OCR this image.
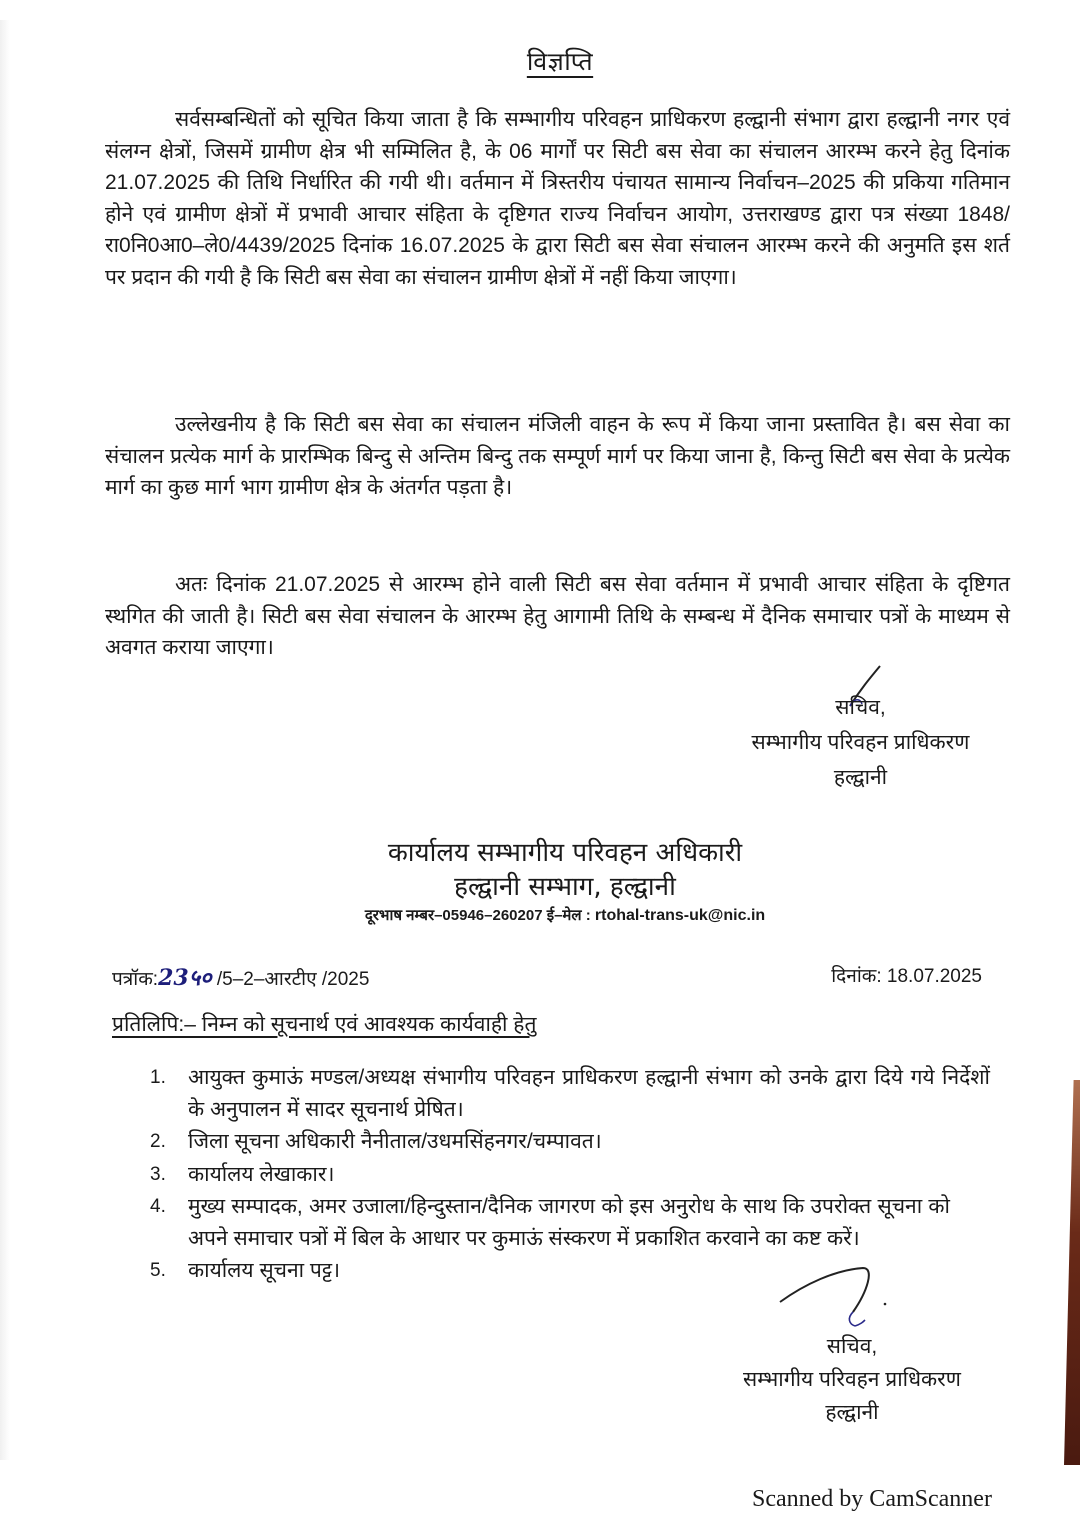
विज्ञप्ति

सर्वसम्बन्धितों को सूचित किया जाता है कि सम्भागीय परिवहन प्राधिकरण हल्द्वानी संभाग द्वारा हल्द्वानी नगर एवं संलग्न क्षेत्रों, जिसमें ग्रामीण क्षेत्र भी सम्मिलित है, के 06 मार्गों पर सिटी बस सेवा का संचालन आरम्भ करने हेतु दिनांक 21.07.2025 की तिथि निर्धारित की गयी थी। वर्तमान में त्रिस्तरीय पंचायत सामान्य निर्वाचन–2025 की प्रकिया गतिमान होने एवं ग्रामीण क्षेत्रों में प्रभावी आचार संहिता के दृष्टिगत राज्य निर्वाचन आयोग, उत्तराखण्ड द्वारा पत्र संख्या 1848/रा0नि0आ0–ले0/4439/2025 दिनांक 16.07.2025 के द्वारा सिटी बस सेवा संचालन आरम्भ करने की अनुमति इस शर्त पर प्रदान की गयी है कि सिटी बस सेवा का संचालन ग्रामीण क्षेत्रों में नहीं किया जाएगा।

उल्लेखनीय है कि सिटी बस सेवा का संचालन मंजिली वाहन के रूप में किया जाना प्रस्तावित है। बस सेवा का संचालन प्रत्येक मार्ग के प्रारम्भिक बिन्दु से अन्तिम बिन्दु तक सम्पूर्ण मार्ग पर किया जाना है, किन्तु सिटी बस सेवा के प्रत्येक मार्ग का कुछ मार्ग भाग ग्रामीण क्षेत्र के अंतर्गत पड़ता है।

अतः दिनांक 21.07.2025 से आरम्भ होने वाली सिटी बस सेवा वर्तमान में प्रभावी आचार संहिता के दृष्टिगत स्थगित की जाती है। सिटी बस सेवा संचालन के आरम्भ हेतु आगामी तिथि के सम्बन्ध में दैनिक समाचार पत्रों के माध्यम से अवगत कराया जाएगा।

सचिव,
सम्भागीय परिवहन प्राधिकरण
हल्द्वानी
कार्यालय सम्भागीय परिवहन अधिकारी
हल्द्वानी सम्भाग, हल्द्वानी
दूरभाष नम्बर–05946–260207 ई–मेल : rtohal-trans-uk@nic.in
पत्रॉक:23५० /5–2–आरटीए /2025	दिनांक: 18.07.2025
प्रतिलिपि:– निम्न को सूचनार्थ एवं आवश्यक कार्यवाही हेतु
1.	आयुक्त कुमाऊं मण्डल/अध्यक्ष संभागीय परिवहन प्राधिकरण हल्द्वानी संभाग को उनके द्वारा दिये गये निर्देशों के अनुपालन में सादर सूचनार्थ प्रेषित।
2.	जिला सूचना अधिकारी नैनीताल/उधमसिंहनगर/चम्पावत।
3.	कार्यालय लेखाकार।
4.	मुख्य सम्पादक, अमर उजाला/हिन्दुस्तान/दैनिक जागरण को इस अनुरोध के साथ कि उपरोक्त सूचना को अपने समाचार पत्रों में बिल के आधार पर कुमाऊं संस्करण में प्रकाशित करवाने का कष्ट करें।
5.	कार्यालय सूचना पट्ट।
सचिव,
सम्भागीय परिवहन प्राधिकरण
हल्द्वानी
Scanned by CamScanner
